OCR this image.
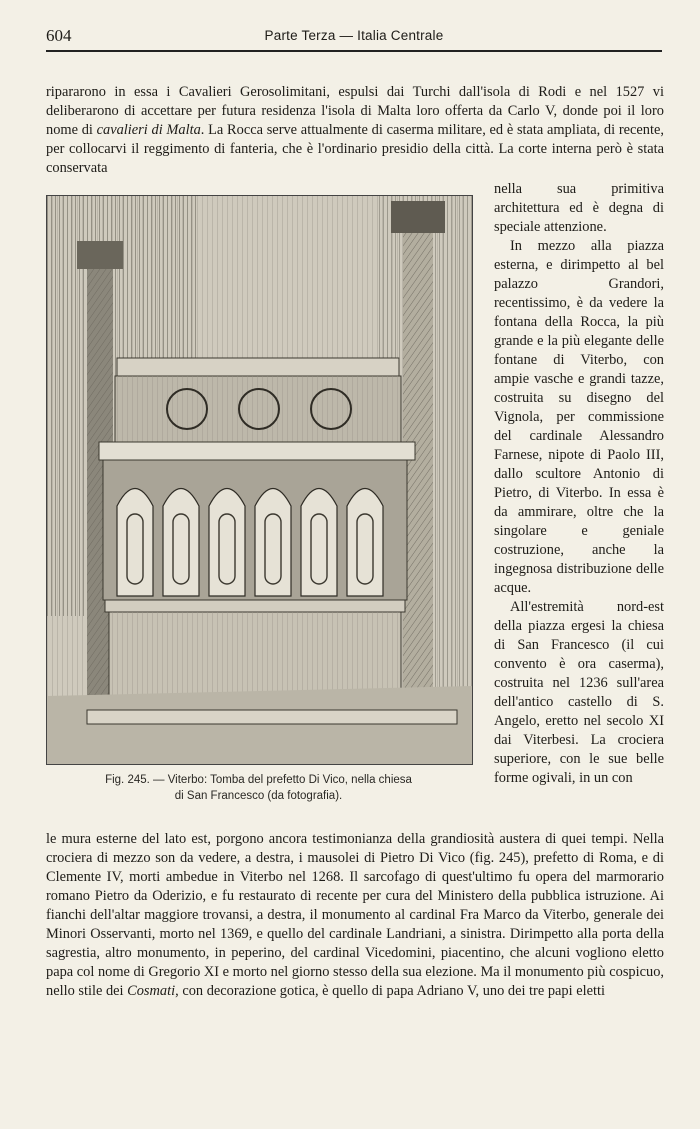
604	Parte Terza — Italia Centrale

ripararono in essa i Cavalieri Gerosolimitani, espulsi dai Turchi dall'isola di Rodi e nel 1527 vi deliberarono di accettare per futura residenza l'isola di Malta loro offerta da Carlo V, donde poi il loro nome di cavalieri di Malta. La Rocca serve attualmente di caserma militare, ed è stata ampliata, di recente, per collocarvi il reggimento di fanteria, che è l'ordinario presidio della città. La corte interna però è stata conservata

nella sua primitiva architettura ed è degna di speciale attenzione.

In mezzo alla piazza esterna, e dirimpetto al bel palazzo Grandori, recentissimo, è da vedere la fontana della Rocca, la più grande e la più elegante delle fontane di Viterbo, con ampie vasche e grandi tazze, costruita su disegno del Vignola, per commissione del cardinale Alessandro Farnese, nipote di Paolo III, dallo scultore Antonio di Pietro, di Viterbo. In essa è da ammirare, oltre che la singolare e geniale costruzione, anche la ingegnosa distribuzione delle acque.

All'estremità nord-est della piazza ergesi la chiesa di San Francesco (il cui convento è ora caserma), costruita nel 1236 sull'area dell'antico castello di S. Angelo, eretto nel secolo XI dai Viterbesi. La crociera superiore, con le sue belle forme ogivali, in un con

Fig. 245. — Viterbo: Tomba del prefetto Di Vico, nella chiesa
di San Francesco (da fotografia).

le mura esterne del lato est, porgono ancora testimonianza della grandiosità austera di quei tempi. Nella crociera di mezzo son da vedere, a destra, i mausolei di Pietro Di Vico (fig. 245), prefetto di Roma, e di Clemente IV, morti ambedue in Viterbo nel 1268. Il sarcofago di quest'ultimo fu opera del marmorario romano Pietro da Oderizio, e fu restaurato di recente per cura del Ministero della pubblica istruzione. Ai fianchi dell'altar maggiore trovansi, a destra, il monumento al cardinal Fra Marco da Viterbo, generale dei Minori Osservanti, morto nel 1369, e quello del cardinale Landriani, a sinistra. Dirimpetto alla porta della sagrestia, altro monumento, in peperino, del cardinal Vicedomini, piacentino, che alcuni vogliono eletto papa col nome di Gregorio XI e morto nel giorno stesso della sua elezione. Ma il monumento più cospicuo, nello stile dei Cosmati, con decorazione gotica, è quello di papa Adriano V, uno dei tre papi eletti
